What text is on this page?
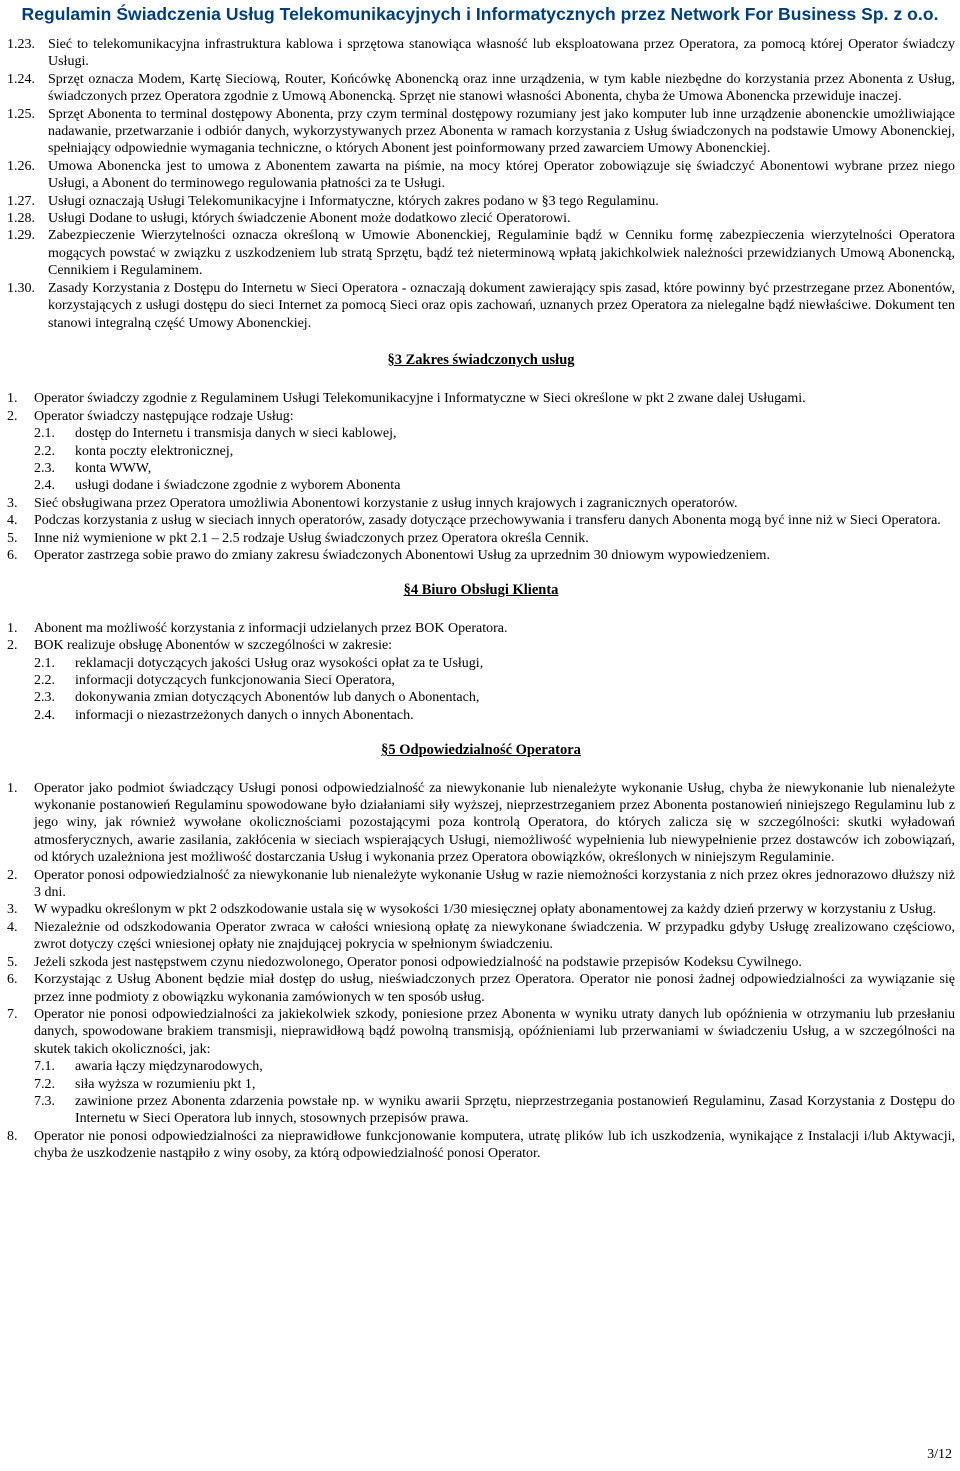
Regulamin Świadczenia Usług Telekomunikacyjnych i Informatycznych przez Network For Business Sp. z o.o.
1.23. Sieć to telekomunikacyjna infrastruktura kablowa i sprzętowa stanowiąca własność lub eksploatowana przez Operatora, za pomocą której Operator świadczy Usługi.
1.24. Sprzęt oznacza Modem, Kartę Sieciową, Router, Końcówkę Abonencką oraz inne urządzenia, w tym kable niezbędne do korzystania przez Abonenta z Usług, świadczonych przez Operatora zgodnie z Umową Abonencką. Sprzęt nie stanowi własności Abonenta, chyba że Umowa Abonencka przewiduje inaczej.
1.25. Sprzęt Abonenta to terminal dostępowy Abonenta, przy czym terminal dostępowy rozumiany jest jako komputer lub inne urządzenie abonenckie umożliwiające nadawanie, przetwarzanie i odbiór danych, wykorzystywanych przez Abonenta w ramach korzystania z Usług świadczonych na podstawie Umowy Abonenckiej, spełniający odpowiednie wymagania techniczne, o których Abonent jest poinformowany przed zawarciem Umowy Abonenckiej.
1.26. Umowa Abonencka jest to umowa z Abonentem zawarta na piśmie, na mocy której Operator zobowiązuje się świadczyć Abonentowi wybrane przez niego Usługi, a Abonent do terminowego regulowania płatności za te Usługi.
1.27. Usługi oznaczają Usługi Telekomunikacyjne i Informatyczne, których zakres podano w §3 tego Regulaminu.
1.28. Usługi Dodane to usługi, których świadczenie Abonent może dodatkowo zlecić Operatorowi.
1.29. Zabezpieczenie Wierzytelności oznacza określoną w Umowie Abonenckiej, Regulaminie bądź w Cenniku formę zabezpieczenia wierzytelności Operatora mogących powstać w związku z uszkodzeniem lub stratą Sprzętu, bądź też nieterminową wpłatą jakichkolwiek należności przewidzianych Umową Abonencką, Cennikiem i Regulaminem.
1.30. Zasady Korzystania z Dostępu do Internetu w Sieci Operatora - oznaczają dokument zawierający spis zasad, które powinny być przestrzegane przez Abonentów, korzystających z usługi dostępu do sieci Internet za pomocą Sieci oraz opis zachowań, uznanych przez Operatora za nielegalne bądź niewłaściwe. Dokument ten stanowi integralną część Umowy Abonenckiej.
§3 Zakres świadczonych usług
1.	Operator świadczy zgodnie z Regulaminem Usługi Telekomunikacyjne i Informatyczne w Sieci określone w pkt 2 zwane dalej Usługami.
2.	Operator świadczy następujące rodzaje Usług:
2.1.	dostęp do Internetu i transmisja danych w sieci kablowej,
2.2.	konta poczty elektronicznej,
2.3.	konta WWW,
2.4.	usługi dodane i świadczone zgodnie z wyborem Abonenta
3.	Sieć obsługiwana przez Operatora umożliwia Abonentowi korzystanie z usług innych krajowych i zagranicznych operatorów.
4.	Podczas korzystania z usług w sieciach innych operatorów, zasady dotyczące przechowywania i transferu danych Abonenta mogą być inne niż w Sieci Operatora.
5.	Inne niż wymienione w pkt 2.1 – 2.5 rodzaje Usług świadczonych przez Operatora określa Cennik.
6.	Operator zastrzega sobie prawo do zmiany zakresu świadczonych Abonentowi Usług za uprzednim 30 dniowym wypowiedzeniem.
§4 Biuro Obsługi Klienta
1.	Abonent ma możliwość korzystania z informacji udzielanych przez BOK Operatora.
2.	BOK realizuje obsługę Abonentów w szczególności w zakresie:
2.1.	reklamacji dotyczących jakości Usług oraz wysokości opłat za te Usługi,
2.2.	informacji dotyczących funkcjonowania Sieci Operatora,
2.3.	dokonywania zmian dotyczących Abonentów lub danych o Abonentach,
2.4.	informacji o niezastrzeżonych danych o innych Abonentach.
§5 Odpowiedzialność Operatora
1.	Operator jako podmiot świadczący Usługi ponosi odpowiedzialność za niewykonanie lub nienależyte wykonanie Usług, chyba że niewykonanie lub nienależyte wykonanie postanowień Regulaminu spowodowane było działaniami siły wyższej, nieprzestrzeganiem przez Abonenta postanowień niniejszego Regulaminu lub z jego winy, jak również wywołane okolicznościami pozostającymi poza kontrolą Operatora, do których zalicza się w szczególności: skutki wyładowań atmosferycznych, awarie zasilania, zakłócenia w sieciach wspierających Usługi, niemożliwość wypełnienia lub niewypełnienie przez dostawców ich zobowiązań, od których uzależniona jest możliwość dostarczania Usług i wykonania przez Operatora obowiązków, określonych w niniejszym Regulaminie.
2.	Operator ponosi odpowiedzialność za niewykonanie lub nienależyte wykonanie Usług w razie niemożności korzystania z nich przez okres jednorazowo dłuższy niż 3 dni.
3.	W wypadku określonym w pkt 2 odszkodowanie ustala się w wysokości 1/30 miesięcznej opłaty abonamentowej za każdy dzień przerwy w korzystaniu z Usług.
4.	Niezależnie od odszkodowania Operator zwraca w całości wniesioną opłatę za niewykonane świadczenia. W przypadku gdyby Usługę zrealizowano częściowo, zwrot dotyczy części wniesionej opłaty nie znajdującej pokrycia w spełnionym świadczeniu.
5.	Jeżeli szkoda jest następstwem czynu niedozwolonego, Operator ponosi odpowiedzialność na podstawie przepisów Kodeksu Cywilnego.
6.	Korzystając z Usług Abonent będzie miał dostęp do usług, nieświadczonych przez Operatora. Operator nie ponosi żadnej odpowiedzialności za wywiązanie się przez inne podmioty z obowiązku wykonania zamówionych w ten sposób usług.
7.	Operator nie ponosi odpowiedzialności za jakiekolwiek szkody, poniesione przez Abonenta w wyniku utraty danych lub opóźnienia w otrzymaniu lub przesłaniu danych, spowodowane brakiem transmisji, nieprawidłową bądź powolną transmisją, opóźnieniami lub przerwaniami w świadczeniu Usług, a w szczególności na skutek takich okoliczności, jak:
7.1.	awaria łączy międzynarodowych,
7.2.	siła wyższa w rozumieniu pkt 1,
7.3.	zawinione przez Abonenta zdarzenia powstałe np. w wyniku awarii Sprzętu, nieprzestrzegania postanowień Regulaminu, Zasad Korzystania z Dostępu do Internetu w Sieci Operatora lub innych, stosownych przepisów prawa.
8.	Operator nie ponosi odpowiedzialności za nieprawidłowe funkcjonowanie komputera, utratę plików lub ich uszkodzenia, wynikające z Instalacji i/lub Aktywacji, chyba że uszkodzenie nastąpiło z winy osoby, za którą odpowiedzialność ponosi Operator.
3/12
